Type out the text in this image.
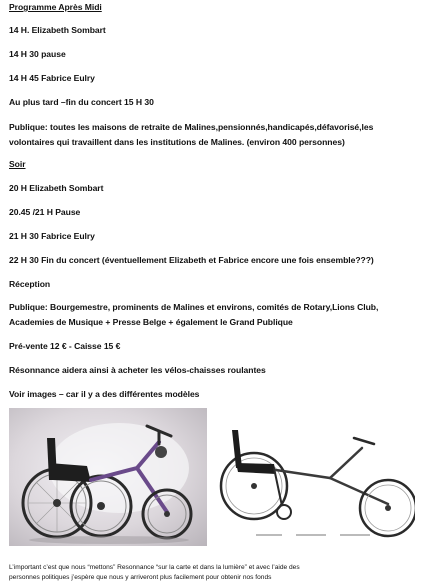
Programme Après Midi
14 H. Elizabeth Sombart
14 H 30 pause
14 H 45 Fabrice Eulry
Au plus tard –fin du concert 15 H 30
Publique: toutes les maisons de retraite de Malines,pensionnés,handicapés,défavorisé,les
volontaires qui travaillent dans les institutions de Malines. (environ 400 personnes)
Soir
20 H Elizabeth Sombart
20.45 /21 H Pause
21 H 30 Fabrice Eulry
22 H 30 Fin du concert (éventuellement Elizabeth et Fabrice encore une fois ensemble???)
Réception
Publique: Bourgemestre, prominents de Malines et environs, comités de Rotary,Lions Club,
Academies de Musique + Presse Belge + également le Grand Publique
Pré-vente 12 € - Caisse 15 €
Résonnance aidera ainsi à acheter les vélos-chaisses roulantes
Voir images – car il y a des différentes modèles
L’important c’est que nous “mettons” Resonnance “sur la carte et dans la lumière” et avec l’aide des
personnes politiques j’espère que nous y arriveront plus facilement pour obtenir nos fonds
